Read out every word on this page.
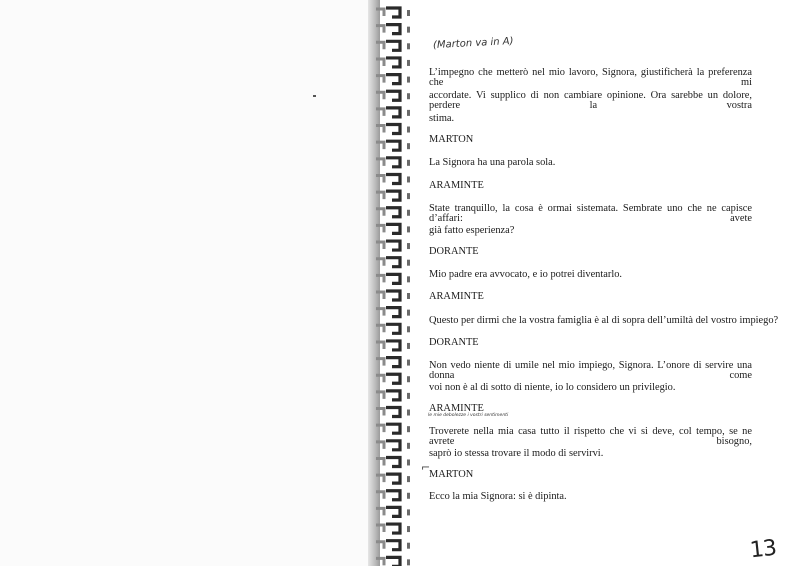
(Marton va in A)
L’impegno che metterò nel mio lavoro, Signora, giustificherà la preferenza che mi
accordate. Vi supplico di non cambiare opinione. Ora sarebbe un dolore, perdere la vostra
stima.
MARTON
La Signora ha una parola sola.
ARAMINTE
State tranquillo, la cosa è ormai sistemata. Sembrate uno che ne capisce d’affari: avete
già fatto esperienza?
DORANTE
Mio padre era avvocato, e io potrei diventarlo.
ARAMINTE
Questo per dirmi che la vostra famiglia è al di sopra dell’umiltà del vostro impiego?
DORANTE
Non vedo niente di umile nel mio impiego, Signora. L’onore di servire una donna come
voi non è al di sotto di niente, io lo considero un privilegio.
ARAMINTE
le mie debolezze i vostri sentimenti
Troverete nella mia casa tutto il rispetto che vi si deve, col tempo, se ne avrete bisogno,
saprò io stessa trovare il modo di servirvi.
⌐
MARTON
Ecco la mia Signora: si è dipinta.
13
